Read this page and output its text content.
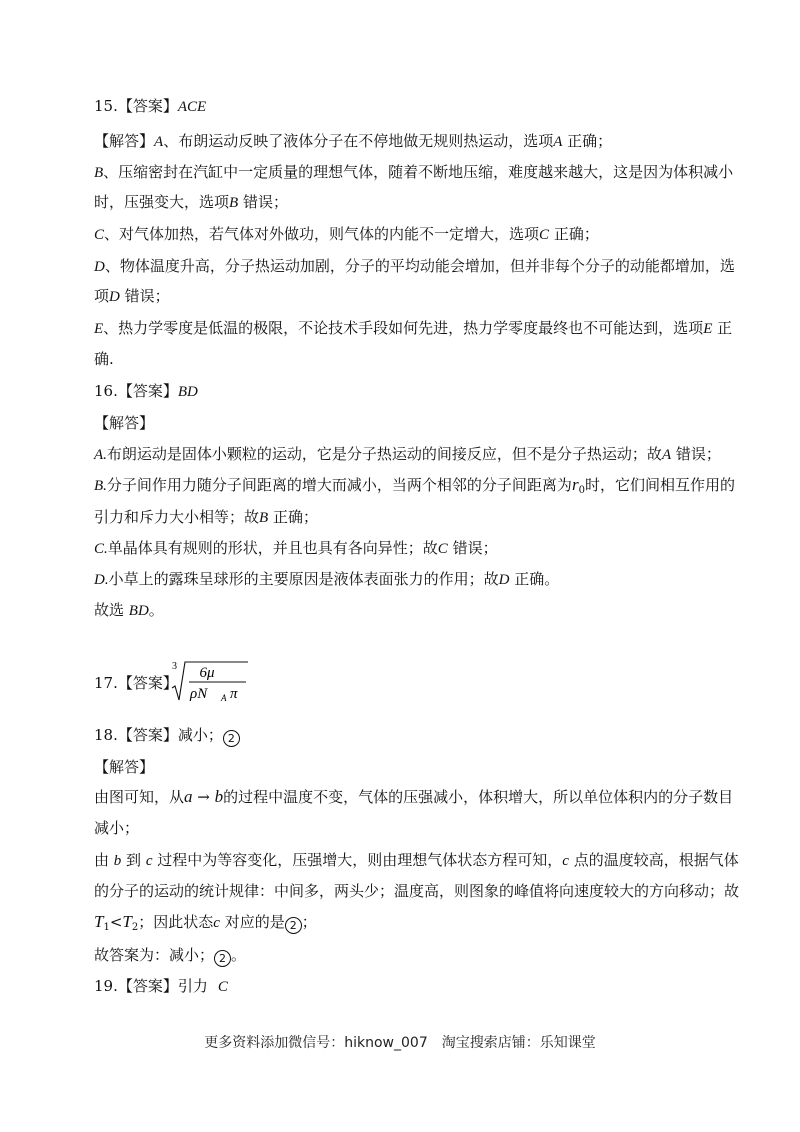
15.【答案】ACE
【解答】A、布朗运动反映了液体分子在不停地做无规则热运动，选项A 正确；
B、压缩密封在汽缸中一定质量的理想气体，随着不断地压缩，难度越来越大，这是因为体积减小
时，压强变大，选项B 错误；
C、对气体加热，若气体对外做功，则气体的内能不一定增大，选项C 正确；
D、物体温度升高，分子热运动加剧，分子的平均动能会增加，但并非每个分子的动能都增加，选
项D 错误；
E、热力学零度是低温的极限，不论技术手段如何先进，热力学零度最终也不可能达到，选项E 正
确.
16.【答案】BD
【解答】
A.布朗运动是固体小颗粒的运动，它是分子热运动的间接反应，但不是分子热运动；故A 错误；
B.分子间作用力随分子间距离的增大而减小，当两个相邻的分子间距离为$r_0$时，它们间相互作用的
引力和斥力大小相等；故B 正确；
C.单晶体具有规则的形状，并且也具有各向异性；故C 错误；
D.小草上的露珠呈球形的主要原因是液体表面张力的作用；故D 正确。
故选 BD。
17.【答案】
3 6μ
ρN A π
18.【答案】减小； 2
【解答】
由图可知，从a → b的过程中温度不变，气体的压强减小，体积增大，所以单位体积内的分子数目
减小；
由 b 到 c 过程中为等容变化，压强增大，则由理想气体状态方程可知，c 点的温度较高，根据气体
的分子的运动的统计规律：中间多，两头少；温度高，则图象的峰值将向速度较大的方向移动；故
$T_1<T_2$；因此状态c 对应的是 2 ；
故答案为：减小； 2 。
19.【答案】引力 C
更多资料添加微信号：hiknow_007　淘宝搜索店铺：乐知课堂
